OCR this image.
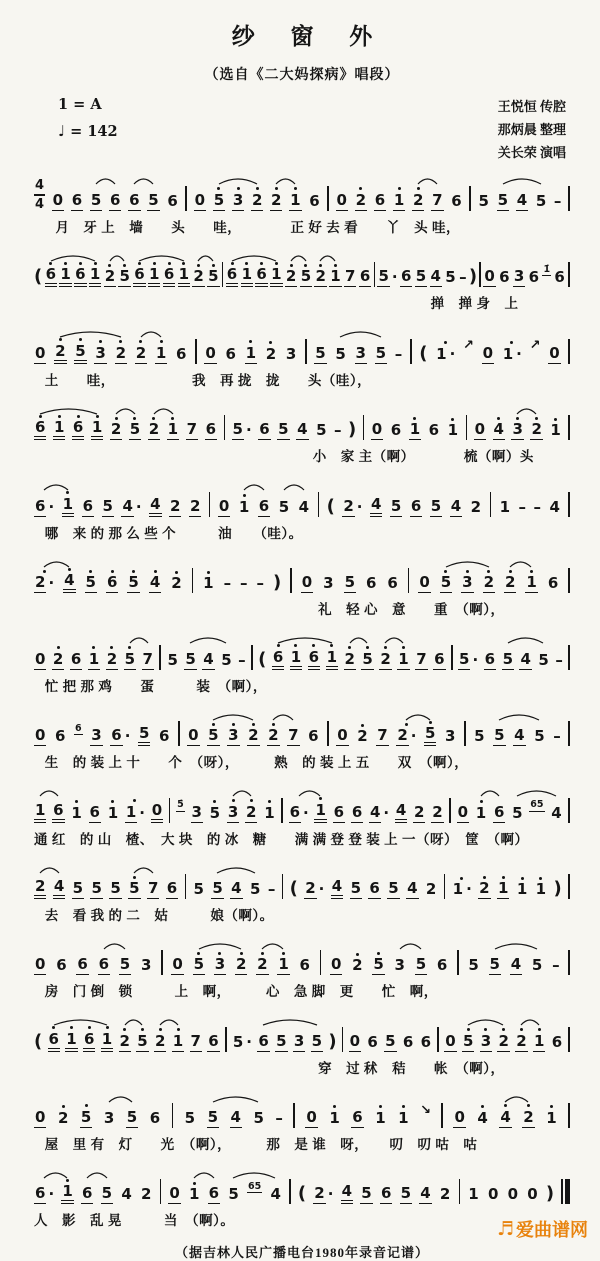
纱 窗 外
（选自《二大妈探病》唱段）
1 = A
♩ = 142
王悦恒 传腔
那炳晨 整理
关长荣 演唱
4
4 0 6 5 6 6 5 6 0 5 3 2 2 1 6 0 2 6 1 2 7 6 5 5 4 5 –
月　牙 上　墙　　头　　哇，　　　　正 好 去 看　　丫　头 哇，
( 6 1 6 1 2 5 6 1 6 1 2 5 6 1 6 1 2 5 2 1 7 6 5 · 6 5 4 5 – ) 0 6 3 6 1̇ 6
掸　掸 身　上
0 2 5 3 2 2 1 6 0 6 1 2 3 5 5 3 5 – ( 1 · ↗ 0 1 · ↗ 0
土　　哇，　　　　　　我　再 拢　拢　　头（哇），
6 1 6 1 2 5 2 1 7 6 5 · 6 5 4 5 – ) 0 6 1 6 1 0 4 3 2 1
小　家 主（啊）　　　　梳（啊）头
6 · 1 6 5 4 · 4 2 2 0 1 6 5 4 ( 2 · 4 5 6 5 4 2 1 – – 4
哪　来 的 那 么 些 个　　　油　　（哇）。
2 · 4 5 6 5 4 2 1 – – – ) 0 3 5 6 6 0 5 3 2 2 1 6
礼　轻 心　意　　重　（啊），
0 2 6 1 2 5 7 5 5 4 5 – ( 6 1 6 1 2 5 2 1 7 6 5 · 6 5 4 5 –
忙 把 那 鸡　　蛋　　　装　（啊），
0 6 6 3 6 · 5 6 0 5 3 2 2 7 6 0 2 7 2 · 5 3 5 5 4 5 –
生　的 装 上 十　　个　（呀），　　　熟　的 装 上 五　　双　（啊），
1 6 1 6 1 1 · 0 5̇ 3 5 3 2 1 6 · 1 6 6 4 · 4 2 2 0 1 6 5 65 4
通 红　的 山　楂、　大 块　的 冰　糖　　满 满 登 登 装 上 一（呀）　筐　（啊）
2 4 5 5 5 5 7 6 5 5 4 5 – ( 2 · 4 5 6 5 4 2 1 · 2 1 1 1 )
去　看 我 的 二　姑　　　娘（啊）。
0 6 6 6 5 3 0 5 3 2 2 1 6 0 2 5 3 5 6 5 5 4 5 –
房　门 倒　锁　　　上　啊，　　　心　急 脚　更　　忙　啊，
( 6 1 6 1 2 5 2 1 7 6 5 · 6 5 3 5 ) 0 6 5 6 6 0 5 3 2 2 1 6
穿　过 秫　秸　　帐　（啊），
0 2 5 3 5 6 5 5 4 5 – 0 1 6 1 1 ↘ 0 4 4 2 1
屋　里 有　灯　　光　（啊），　　　那　是 谁　呀，　　叨　叨 咕　咕
6 · 1 6 5 4 2 0 1 6 5 65 4 ( 2 · 4 5 6 5 4 2 1 0 0 0 )
人　影　乱 晃　　　当　（啊）。
（据吉林人民广播电台1980年录音记谱）
♬ 爱曲谱网
